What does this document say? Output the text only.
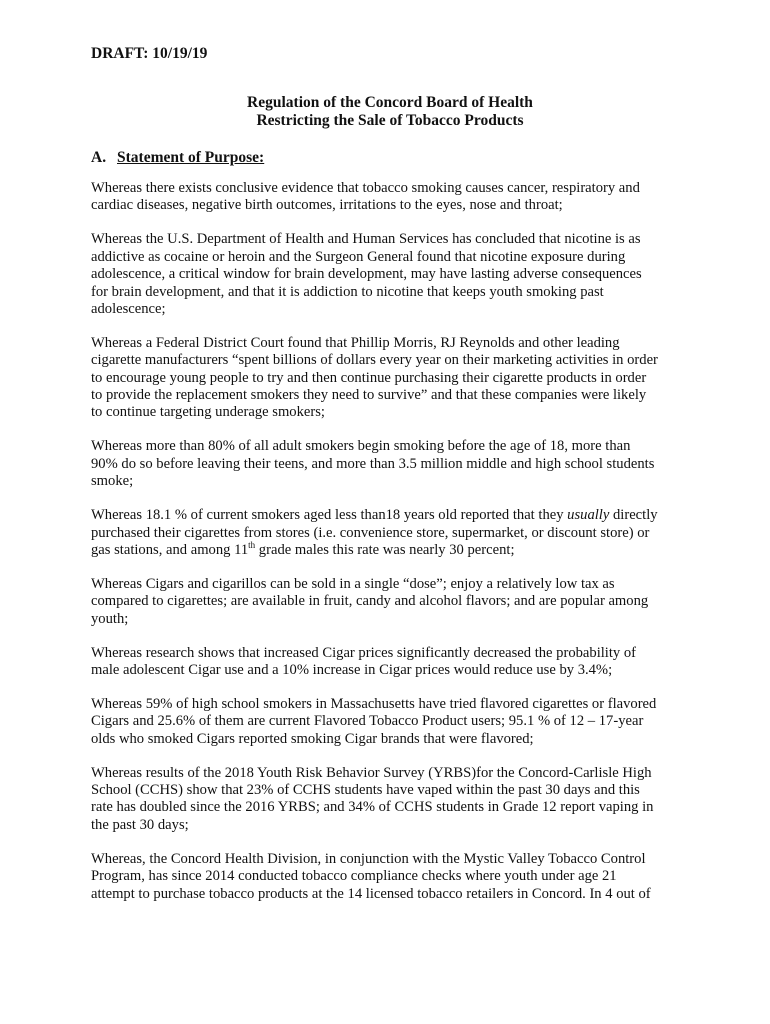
DRAFT: 10/19/19
Regulation of the Concord Board of Health
Restricting the Sale of Tobacco Products
A. Statement of Purpose:

Whereas there exists conclusive evidence that tobacco smoking causes cancer, respiratory and

cardiac diseases, negative birth outcomes, irritations to the eyes, nose and throat;

Whereas the U.S. Department of Health and Human Services has concluded that nicotine is as

addictive as cocaine or heroin and the Surgeon General found that nicotine exposure during

adolescence, a critical window for brain development, may have lasting adverse consequences

for brain development, and that it is addiction to nicotine that keeps youth smoking past

adolescence;

Whereas a Federal District Court found that Phillip Morris, RJ Reynolds and other leading

cigarette manufacturers “spent billions of dollars every year on their marketing activities in order

to encourage young people to try and then continue purchasing their cigarette products in order

to provide the replacement smokers they need to survive” and that these companies were likely

to continue targeting underage smokers;

Whereas more than 80% of all adult smokers begin smoking before the age of 18, more than

90% do so before leaving their teens, and more than 3.5 million middle and high school students

smoke;

Whereas 18.1 % of current smokers aged less than18 years old reported that they usually directly

purchased their cigarettes from stores (i.e. convenience store, supermarket, or discount store) or

gas stations, and among 11th grade males this rate was nearly 30 percent;

Whereas Cigars and cigarillos can be sold in a single “dose”; enjoy a relatively low tax as

compared to cigarettes; are available in fruit, candy and alcohol flavors; and are popular among

youth;

Whereas research shows that increased Cigar prices significantly decreased the probability of

male adolescent Cigar use and a 10% increase in Cigar prices would reduce use by 3.4%;

Whereas 59% of high school smokers in Massachusetts have tried flavored cigarettes or flavored

Cigars and 25.6% of them are current Flavored Tobacco Product users; 95.1 % of 12 – 17-year

olds who smoked Cigars reported smoking Cigar brands that were flavored;

Whereas results of the 2018 Youth Risk Behavior Survey (YRBS)for the Concord-Carlisle High

School (CCHS) show that 23% of CCHS students have vaped within the past 30 days and this

rate has doubled since the 2016 YRBS; and 34% of CCHS students in Grade 12 report vaping in

the past 30 days;

Whereas, the Concord Health Division, in conjunction with the Mystic Valley Tobacco Control

Program, has since 2014 conducted tobacco compliance checks where youth under age 21

attempt to purchase tobacco products at the 14 licensed tobacco retailers in Concord. In 4 out of
